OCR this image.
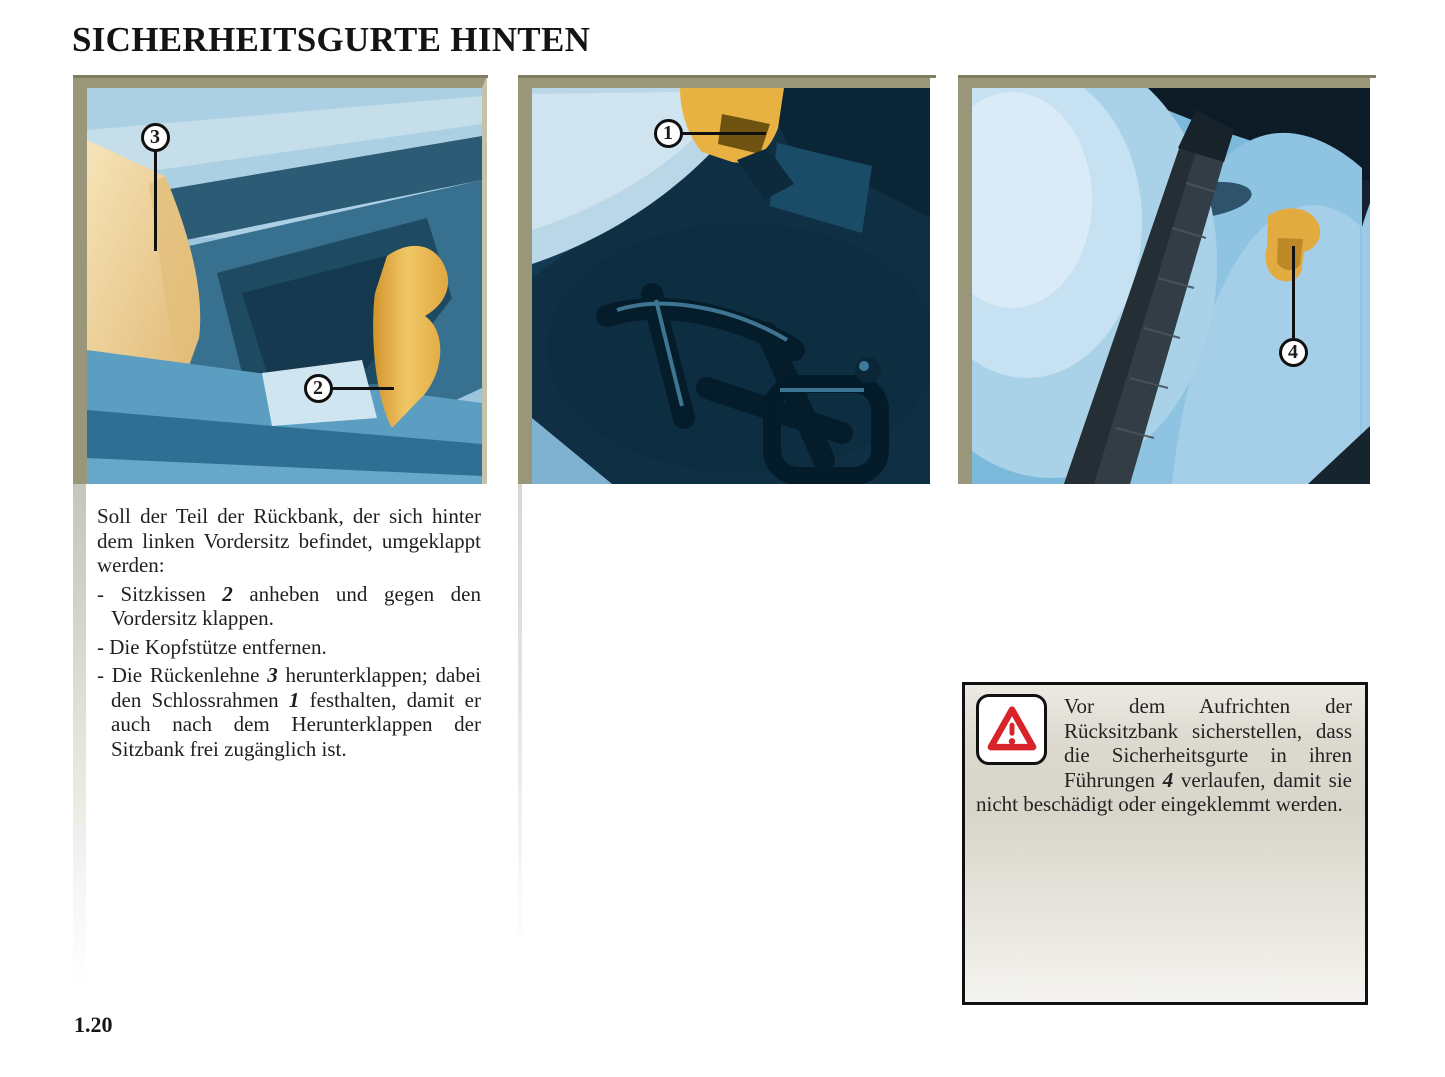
SICHERHEITSGURTE HINTEN
3
2
1
4

Soll der Teil der Rückbank, der sich hinter dem linken Vordersitz befindet, umgeklappt werden:

- Sitzkissen 2 anheben und gegen den Vordersitz klappen.
- Die Kopfstütze entfernen.
- Die Rückenlehne 3 herunterklappen; dabei den Schlossrahmen 1 festhalten, damit er auch nach dem Herunterklappen der Sitzbank frei zugänglich ist.
Vor dem Aufrichten der Rücksitzbank sicherstellen, dass die Sicherheitsgurte in ihren Führungen 4 verlaufen, damit sie nicht beschädigt oder eingeklemmt werden.
1.20
